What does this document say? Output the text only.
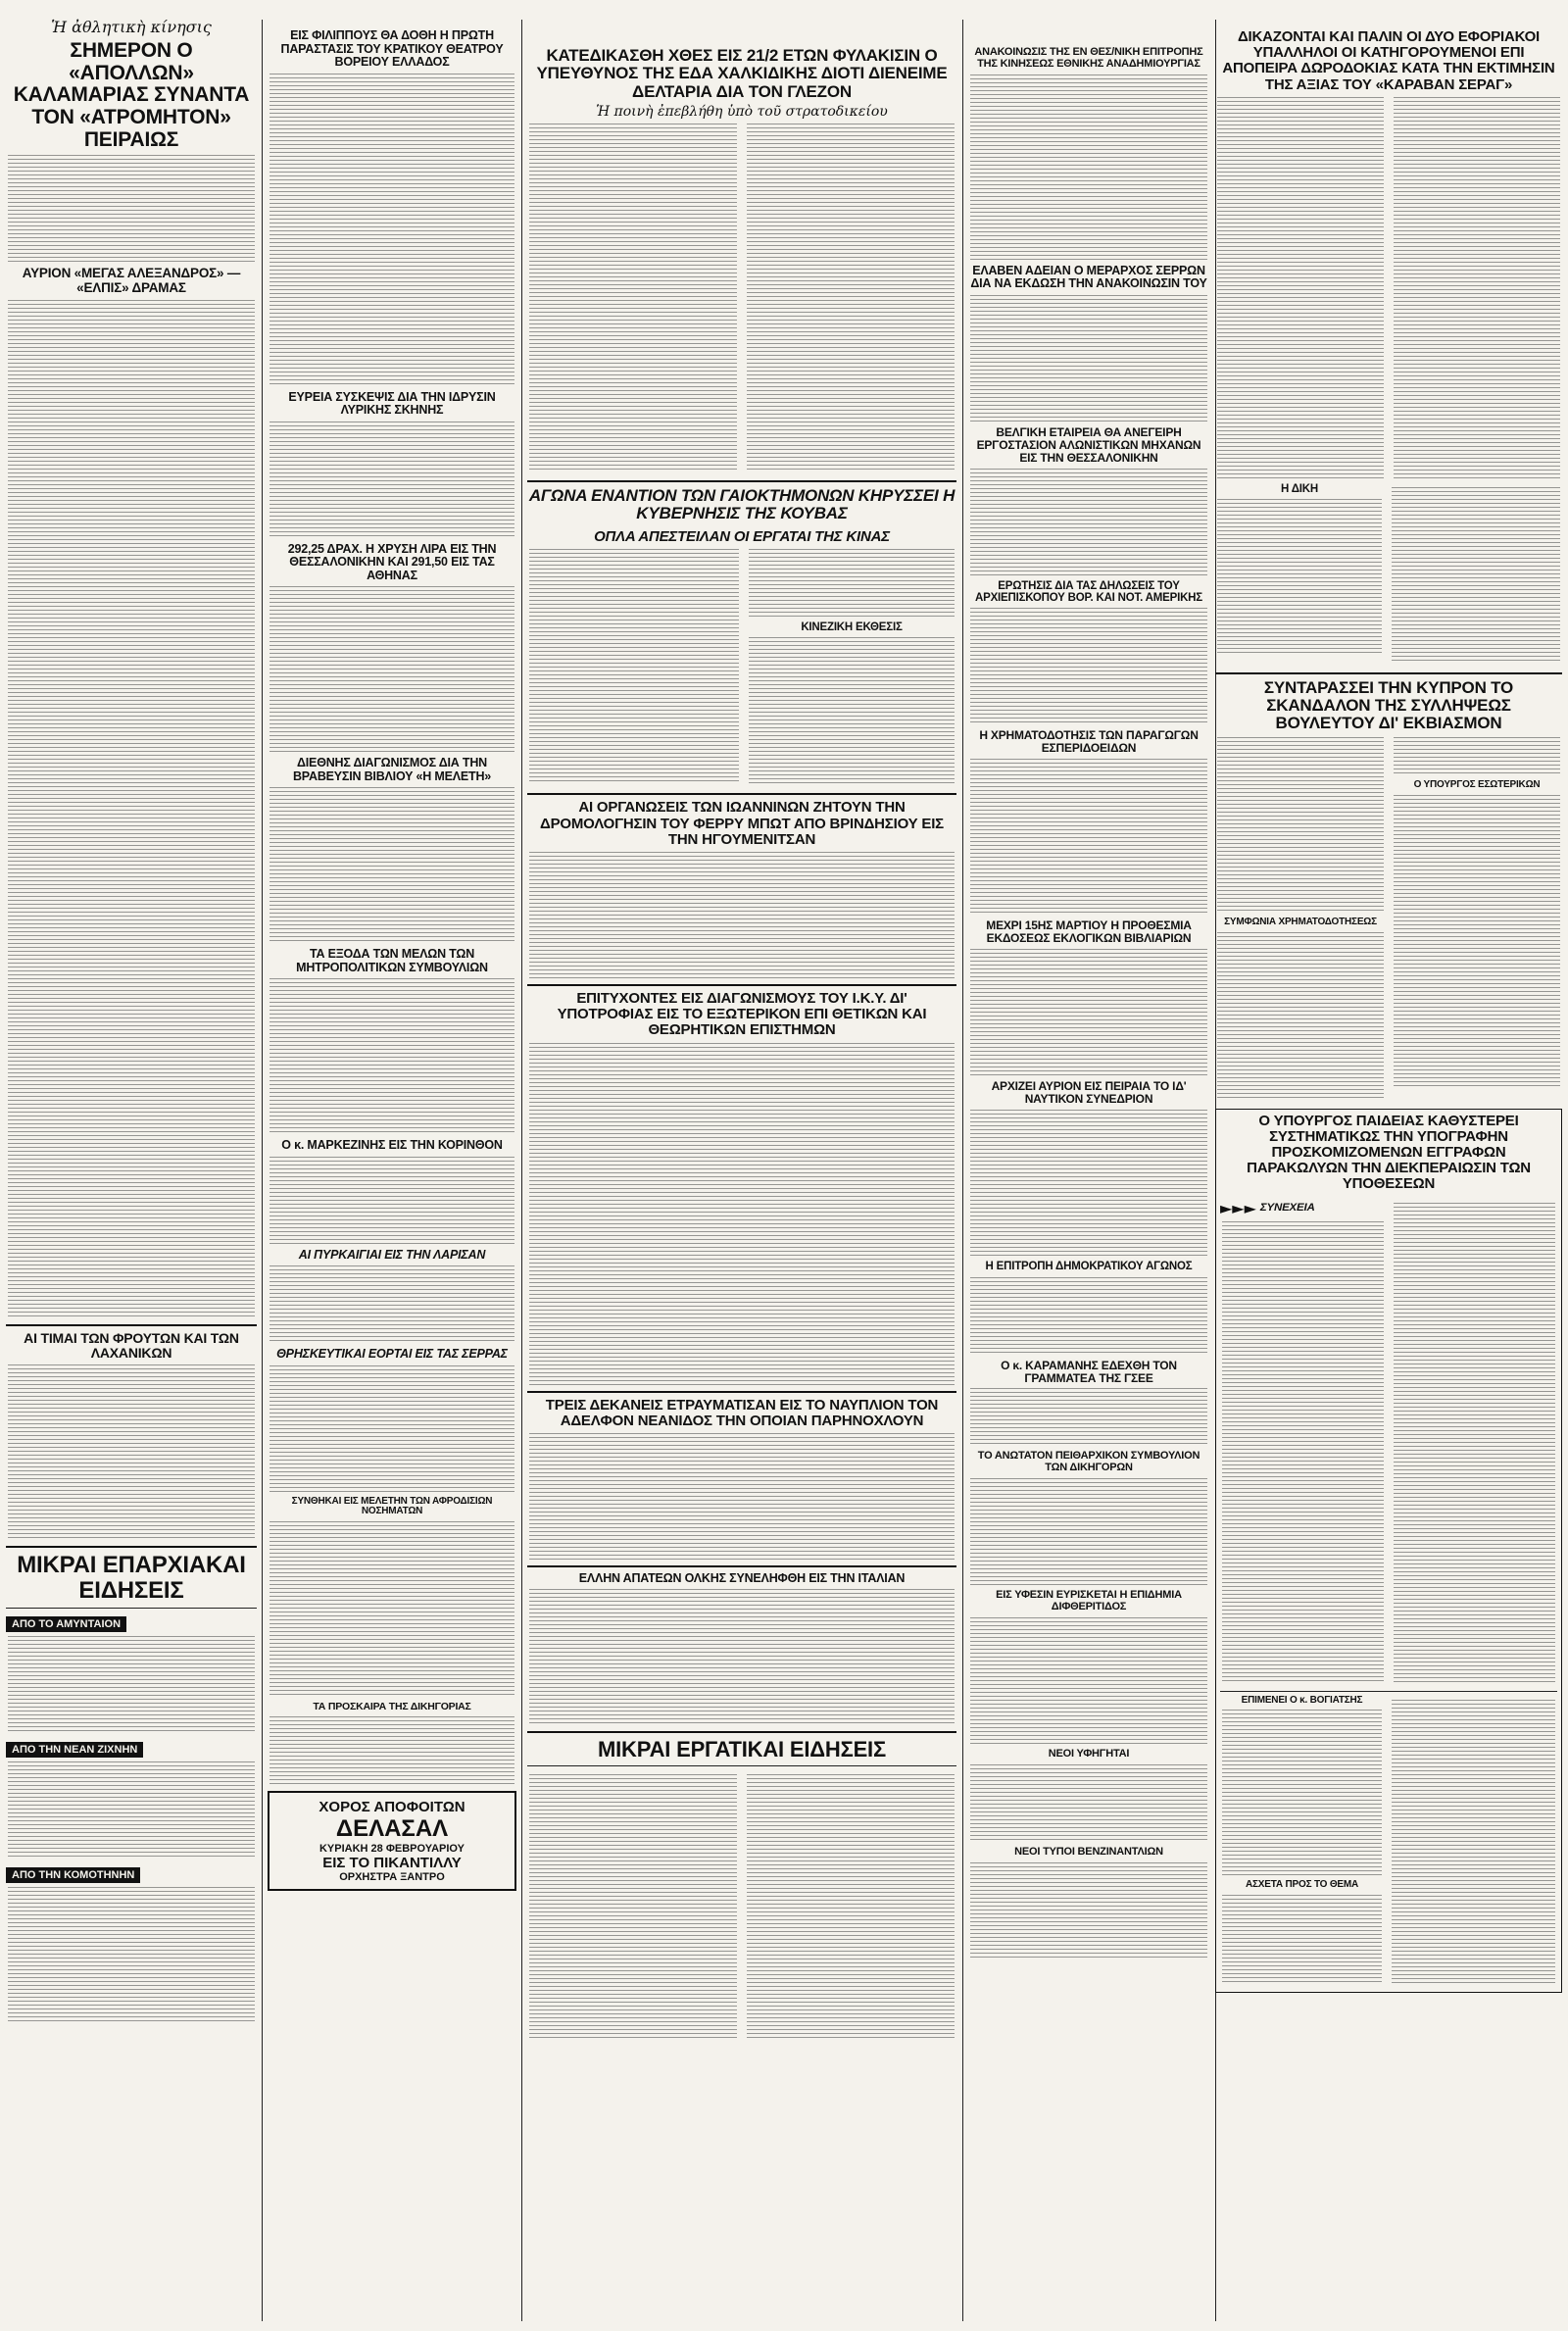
Ἡ ἀθλητικὴ κίνησις
ΣΗΜΕΡΟΝ Ο «ΑΠΟΛΛΩΝ» ΚΑΛΑΜΑΡΙΑΣ ΣΥΝΑΝΤΑ ΤΟΝ «ΑΤΡΟΜΗΤΟΝ» ΠΕΙΡΑΙΩΣ
ΑΥΡΙΟΝ «ΜΕΓΑΣ ΑΛΕΞΑΝΔΡΟΣ» — «ΕΛΠΙΣ» ΔΡΑΜΑΣ
ΑΙ ΤΙΜΑΙ ΤΩΝ ΦΡΟΥΤΩΝ ΚΑΙ ΤΩΝ ΛΑΧΑΝΙΚΩΝ
ΜΙΚΡΑΙ ΕΠΑΡΧΙΑΚΑΙ ΕΙΔΗΣΕΙΣ
ΑΠΟ ΤΟ ΑΜΥΝΤΑΙΟΝ
ΑΠΟ ΤΗΝ ΝΕΑΝ ΖΙΧΝΗΝ
ΑΠΟ ΤΗΝ ΚΟΜΟΤΗΝΗΝ
ΕΙΣ ΦΙΛΙΠΠΟΥΣ ΘΑ ΔΟΘΗ Η ΠΡΩΤΗ ΠΑΡΑΣΤΑΣΙΣ ΤΟΥ ΚΡΑΤΙΚΟΥ ΘΕΑΤΡΟΥ ΒΟΡΕΙΟΥ ΕΛΛΑΔΟΣ
ΕΥΡΕΙΑ ΣΥΣΚΕΨΙΣ ΔΙΑ ΤΗΝ ΙΔΡΥΣΙΝ ΛΥΡΙΚΗΣ ΣΚΗΝΗΣ
292,25 ΔΡΑΧ. Η ΧΡΥΣΗ ΛΙΡΑ ΕΙΣ ΤΗΝ ΘΕΣΣΑΛΟΝΙΚΗΝ ΚΑΙ 291,50 ΕΙΣ ΤΑΣ ΑΘΗΝΑΣ
ΔΙΕΘΝΗΣ ΔΙΑΓΩΝΙΣΜΟΣ ΔΙΑ ΤΗΝ ΒΡΑΒΕΥΣΙΝ ΒΙΒΛΙΟΥ «Η ΜΕΛΕΤΗ»
ΤΑ ΕΞΟΔΑ ΤΩΝ ΜΕΛΩΝ ΤΩΝ ΜΗΤΡΟΠΟΛΙΤΙΚΩΝ ΣΥΜΒΟΥΛΙΩΝ
Ο κ. ΜΑΡΚΕΖΙΝΗΣ ΕΙΣ ΤΗΝ ΚΟΡΙΝΘΟΝ
ΑΙ ΠΥΡΚΑΙΓΙΑΙ ΕΙΣ ΤΗΝ ΛΑΡΙΣΑΝ
ΘΡΗΣΚΕΥΤΙΚΑΙ ΕΟΡΤΑΙ ΕΙΣ ΤΑΣ ΣΕΡΡΑΣ
ΣΥΝΘΗΚΑΙ ΕΙΣ ΜΕΛΕΤΗΝ ΤΩΝ ΑΦΡΟΔΙΣΙΩΝ ΝΟΣΗΜΑΤΩΝ
ΤΑ ΠΡΟΣΚΑΙΡΑ ΤΗΣ ΔΙΚΗΓΟΡΙΑΣ
ΧΟΡΟΣ ΑΠΟΦΟΙΤΩΝ
ΔΕΛΑΣΑΛ
ΚΥΡΙΑΚΗ 28 ΦΕΒΡΟΥΑΡΙΟΥ
ΕΙΣ ΤΟ ΠΙΚΑΝΤΙΛΛΥ
ΟΡΧΗΣΤΡΑ ΞΑΝΤΡΟ
ΚΑΤΕΔΙΚΑΣΘΗ ΧΘΕΣ ΕΙΣ 21/2 ΕΤΩΝ ΦΥΛΑΚΙΣΙΝ Ο ΥΠΕΥΘΥΝΟΣ ΤΗΣ ΕΔΑ ΧΑΛΚΙΔΙΚΗΣ ΔΙΟΤΙ ΔΙΕΝΕΙΜΕ ΔΕΛΤΑΡΙΑ ΔΙΑ ΤΟΝ ΓΛΕΖΟΝ
Ἡ ποινὴ ἐπεβλήθη ὑπὸ τοῦ στρατοδικείου
ΑΓΩΝΑ ΕΝΑΝΤΙΟΝ ΤΩΝ ΓΑΙΟΚΤΗΜΟΝΩΝ ΚΗΡΥΣΣΕΙ Η ΚΥΒΕΡΝΗΣΙΣ ΤΗΣ ΚΟΥΒΑΣ
ΟΠΛΑ ΑΠΕΣΤΕΙΛΑΝ ΟΙ ΕΡΓΑΤΑΙ ΤΗΣ ΚΙΝΑΣ
ΚΙΝΕΖΙΚΗ ΕΚΘΕΣΙΣ
ΑΙ ΟΡΓΑΝΩΣΕΙΣ ΤΩΝ ΙΩΑΝΝΙΝΩΝ ΖΗΤΟΥΝ ΤΗΝ ΔΡΟΜΟΛΟΓΗΣΙΝ ΤΟΥ ΦΕΡΡΥ ΜΠΩΤ ΑΠΟ ΒΡΙΝΔΗΣΙΟΥ ΕΙΣ ΤΗΝ ΗΓΟΥΜΕΝΙΤΣΑΝ
ΕΠΙΤΥΧΟΝΤΕΣ ΕΙΣ ΔΙΑΓΩΝΙΣΜΟΥΣ ΤΟΥ Ι.Κ.Υ. ΔΙ' ΥΠΟΤΡΟΦΙΑΣ ΕΙΣ ΤΟ ΕΞΩΤΕΡΙΚΟΝ ΕΠΙ ΘΕΤΙΚΩΝ ΚΑΙ ΘΕΩΡΗΤΙΚΩΝ ΕΠΙΣΤΗΜΩΝ
ΤΡΕΙΣ ΔΕΚΑΝΕΙΣ ΕΤΡΑΥΜΑΤΙΣΑΝ ΕΙΣ ΤΟ ΝΑΥΠΛΙΟΝ ΤΟΝ ΑΔΕΛΦΟΝ ΝΕΑΝΙΔΟΣ ΤΗΝ ΟΠΟΙΑΝ ΠΑΡΗΝΟΧΛΟΥΝ
ΕΛΛΗΝ ΑΠΑΤΕΩΝ ΟΛΚΗΣ ΣΥΝΕΛΗΦΘΗ ΕΙΣ ΤΗΝ ΙΤΑΛΙΑΝ
ΜΙΚΡΑΙ ΕΡΓΑΤΙΚΑΙ ΕΙΔΗΣΕΙΣ
ΑΝΑΚΟΙΝΩΣΙΣ ΤΗΣ ΕΝ ΘΕΣ/ΝΙΚΗ ΕΠΙΤΡΟΠΗΣ ΤΗΣ ΚΙΝΗΣΕΩΣ ΕΘΝΙΚΗΣ ΑΝΑΔΗΜΙΟΥΡΓΙΑΣ
ΕΛΑΒΕΝ ΑΔΕΙΑΝ Ο ΜΕΡΑΡΧΟΣ ΣΕΡΡΩΝ ΔΙΑ ΝΑ ΕΚΔΩΣΗ ΤΗΝ ΑΝΑΚΟΙΝΩΣΙΝ ΤΟΥ
ΒΕΛΓΙΚΗ ΕΤΑΙΡΕΙΑ ΘΑ ΑΝΕΓΕΙΡΗ ΕΡΓΟΣΤΑΣΙΟΝ ΑΛΩΝΙΣΤΙΚΩΝ ΜΗΧΑΝΩΝ ΕΙΣ ΤΗΝ ΘΕΣΣΑΛΟΝΙΚΗΝ
ΕΡΩΤΗΣΙΣ ΔΙΑ ΤΑΣ ΔΗΛΩΣΕΙΣ ΤΟΥ ΑΡΧΙΕΠΙΣΚΟΠΟΥ ΒΟΡ. ΚΑΙ ΝΟΤ. ΑΜΕΡΙΚΗΣ
Η ΧΡΗΜΑΤΟΔΟΤΗΣΙΣ ΤΩΝ ΠΑΡΑΓΩΓΩΝ ΕΣΠΕΡΙΔΟΕΙΔΩΝ
ΜΕΧΡΙ 15ΗΣ ΜΑΡΤΙΟΥ Η ΠΡΟΘΕΣΜΙΑ ΕΚΔΟΣΕΩΣ ΕΚΛΟΓΙΚΩΝ ΒΙΒΛΙΑΡΙΩΝ
ΑΡΧΙΖΕΙ ΑΥΡΙΟΝ ΕΙΣ ΠΕΙΡΑΙΑ ΤΟ ΙΔ' ΝΑΥΤΙΚΟΝ ΣΥΝΕΔΡΙΟΝ
Η ΕΠΙΤΡΟΠΗ ΔΗΜΟΚΡΑΤΙΚΟΥ ΑΓΩΝΟΣ
Ο κ. ΚΑΡΑΜΑΝΗΣ ΕΔΕΧΘΗ ΤΟΝ ΓΡΑΜΜΑΤΕΑ ΤΗΣ ΓΣΕΕ
ΤΟ ΑΝΩΤΑΤΟΝ ΠΕΙΘΑΡΧΙΚΟΝ ΣΥΜΒΟΥΛΙΟΝ ΤΩΝ ΔΙΚΗΓΟΡΩΝ
ΕΙΣ ΥΦΕΣΙΝ ΕΥΡΙΣΚΕΤΑΙ Η ΕΠΙΔΗΜΙΑ ΔΙΦΘΕΡΙΤΙΔΟΣ
ΝΕΟΙ ΥΦΗΓΗΤΑΙ
ΝΕΟΙ ΤΥΠΟΙ ΒΕΝΖΙΝΑΝΤΛΙΩΝ
ΔΙΚΑΖΟΝΤΑΙ ΚΑΙ ΠΑΛΙΝ ΟΙ ΔΥΟ ΕΦΟΡΙΑΚΟΙ ΥΠΑΛΛΗΛΟΙ ΟΙ ΚΑΤΗΓΟΡΟΥΜΕΝΟΙ ΕΠΙ ΑΠΟΠΕΙΡΑ ΔΩΡΟΔΟΚΙΑΣ ΚΑΤΑ ΤΗΝ ΕΚΤΙΜΗΣΙΝ ΤΗΣ ΑΞΙΑΣ ΤΟΥ «ΚΑΡΑΒΑΝ ΣΕΡΑΓ»
Η ΔΙΚΗ
ΣΥΝΤΑΡΑΣΣΕΙ ΤΗΝ ΚΥΠΡΟΝ ΤΟ ΣΚΑΝΔΑΛΟΝ ΤΗΣ ΣΥΛΛΗΨΕΩΣ ΒΟΥΛΕΥΤΟΥ ΔΙ' ΕΚΒΙΑΣΜΟΝ
ΣΥΜΦΩΝΙΑ ΧΡΗΜΑΤΟΔΟΤΗΣΕΩΣ
Ο ΥΠΟΥΡΓΟΣ ΕΣΩΤΕΡΙΚΩΝ
Ο ΥΠΟΥΡΓΟΣ ΠΑΙΔΕΙΑΣ ΚΑΘΥΣΤΕΡΕΙ ΣΥΣΤΗΜΑΤΙΚΩΣ ΤΗΝ ΥΠΟΓΡΑΦΗΝ ΠΡΟΣΚΟΜΙΖΟΜΕΝΩΝ ΕΓΓΡΑΦΩΝ ΠΑΡΑΚΩΛΥΩΝ ΤΗΝ ΔΙΕΚΠΕΡΑΙΩΣΙΝ ΤΩΝ ΥΠΟΘΕΣΕΩΝ
►►► ΣΥΝΕΧΕΙΑ
ΕΠΙΜΕΝΕΙ Ο κ. ΒΟΓΙΑΤΣΗΣ
ΑΣΧΕΤΑ ΠΡΟΣ ΤΟ ΘΕΜΑ
